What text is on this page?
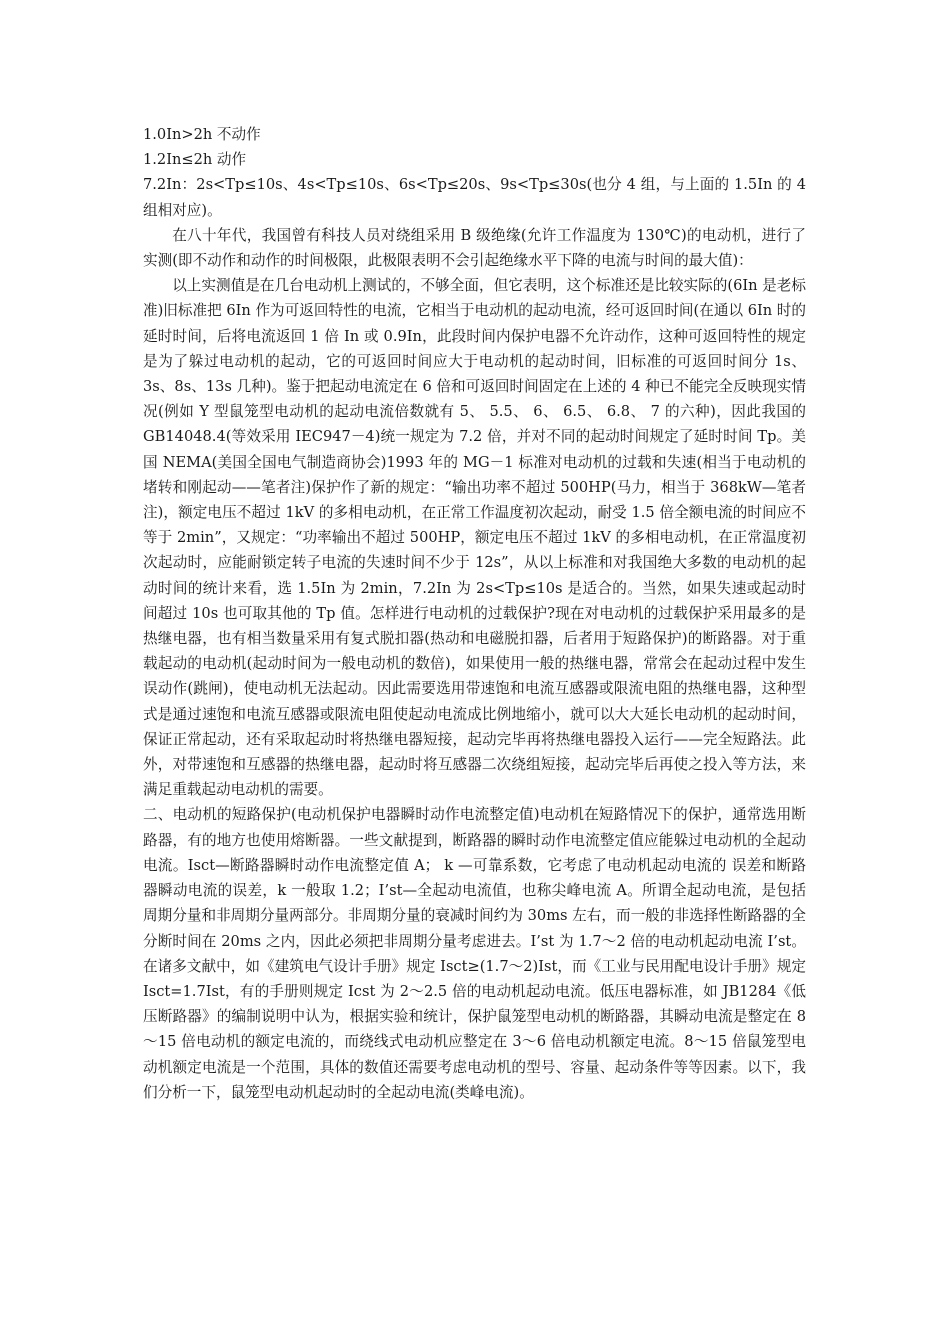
1.0In>2h 不动作

1.2In≤2h 动作

7.2In：2s<Tp≤10s、4s<Tp≤10s、6s<Tp≤20s、9s<Tp≤30s(也分 4 组，与上面的 1.5In 的 4 组相对应)。

在八十年代，我国曾有科技人员对绕组采用 B 级绝缘(允许工作温度为 130℃)的电动机，进行了实测(即不动作和动作的时间极限，此极限表明不会引起绝缘水平下降的电流与时间的最大值)：

以上实测值是在几台电动机上测试的，不够全面，但它表明，这个标准还是比较实际的(6In 是老标准)旧标准把 6In 作为可返回特性的电流，它相当于电动机的起动电流，经可返回时间(在通以 6In 时的延时时间，后将电流返回 1 倍 In 或 0.9In，此段时间内保护电器不允许动作，这种可返回特性的规定是为了躲过电动机的起动，它的可返回时间应大于电动机的起动时间，旧标准的可返回时间分 1s、3s、8s、13s 几种)。鉴于把起动电流定在 6 倍和可返回时间固定在上述的 4 种已不能完全反映现实情况(例如 Y 型鼠笼型电动机的起动电流倍数就有 5、 5.5、 6、 6.5、 6.8、 7 的六种)，因此我国的 GB14048.4(等效采用 IEC947－4)统一规定为 7.2 倍，并对不同的起动时间规定了延时时间 Tp。美国 NEMA(美国全国电气制造商协会)1993 年的 MG－1 标准对电动机的过载和失速(相当于电动机的堵转和刚起动——笔者注)保护作了新的规定：“输出功率不超过 500HP(马力，相当于 368kW—笔者注)，额定电压不超过 1kV 的多相电动机，在正常工作温度初次起动，耐受 1.5 倍全额电流的时间应不等于 2min”，又规定：“功率输出不超过 500HP，额定电压不超过 1kV 的多相电动机，在正常温度初次起动时，应能耐锁定转子电流的失速时间不少于 12s”，从以上标准和对我国绝大多数的电动机的起动时间的统计来看，选 1.5In 为 2min，7.2In 为 2s<Tp≤10s 是适合的。当然，如果失速或起动时间超过 10s 也可取其他的 Tp 值。怎样进行电动机的过载保护?现在对电动机的过载保护采用最多的是热继电器，也有相当数量采用有复式脱扣器(热动和电磁脱扣器，后者用于短路保护)的断路器。对于重载起动的电动机(起动时间为一般电动机的数倍)，如果使用一般的热继电器，常常会在起动过程中发生误动作(跳闸)，使电动机无法起动。因此需要选用带速饱和电流互感器或限流电阻的热继电器，这种型式是通过速饱和电流互感器或限流电阻使起动电流成比例地缩小，就可以大大延长电动机的起动时间，保证正常起动，还有采取起动时将热继电器短接，起动完毕再将热继电器投入运行——完全短路法。此外，对带速饱和互感器的热继电器，起动时将互感器二次绕组短接，起动完毕后再使之投入等方法，来满足重载起动电动机的需要。

二、电动机的短路保护(电动机保护电器瞬时动作电流整定值)电动机在短路情况下的保护，通常选用断路器，有的地方也使用熔断器。一些文献提到，断路器的瞬时动作电流整定值应能躲过电动机的全起动电流。Isct—断路器瞬时动作电流整定值 A； k —可靠系数，它考虑了电动机起动电流的 误差和断路器瞬动电流的误差，k 一般取 1.2；I’st—全起动电流值，也称尖峰电流 A。所谓全起动电流，是包括周期分量和非周期分量两部分。非周期分量的衰减时间约为 30ms 左右，而一般的非选择性断路器的全分断时间在 20ms 之内，因此必须把非周期分量考虑进去。I’st 为 1.7～2 倍的电动机起动电流 I’st。在诸多文献中，如《建筑电气设计手册》规定 Isct≥(1.7～2)Ist，而《工业与民用配电设计手册》规定 Isct=1.7Ist，有的手册则规定 Icst 为 2～2.5 倍的电动机起动电流。低压电器标准，如 JB1284《低压断路器》的编制说明中认为，根据实验和统计，保护鼠笼型电动机的断路器，其瞬动电流是整定在 8～15 倍电动机的额定电流的，而绕线式电动机应整定在 3～6 倍电动机额定电流。8～15 倍鼠笼型电动机额定电流是一个范围，具体的数值还需要考虑电动机的型号、容量、起动条件等等因素。以下，我们分析一下，鼠笼型电动机起动时的全起动电流(类峰电流)。
